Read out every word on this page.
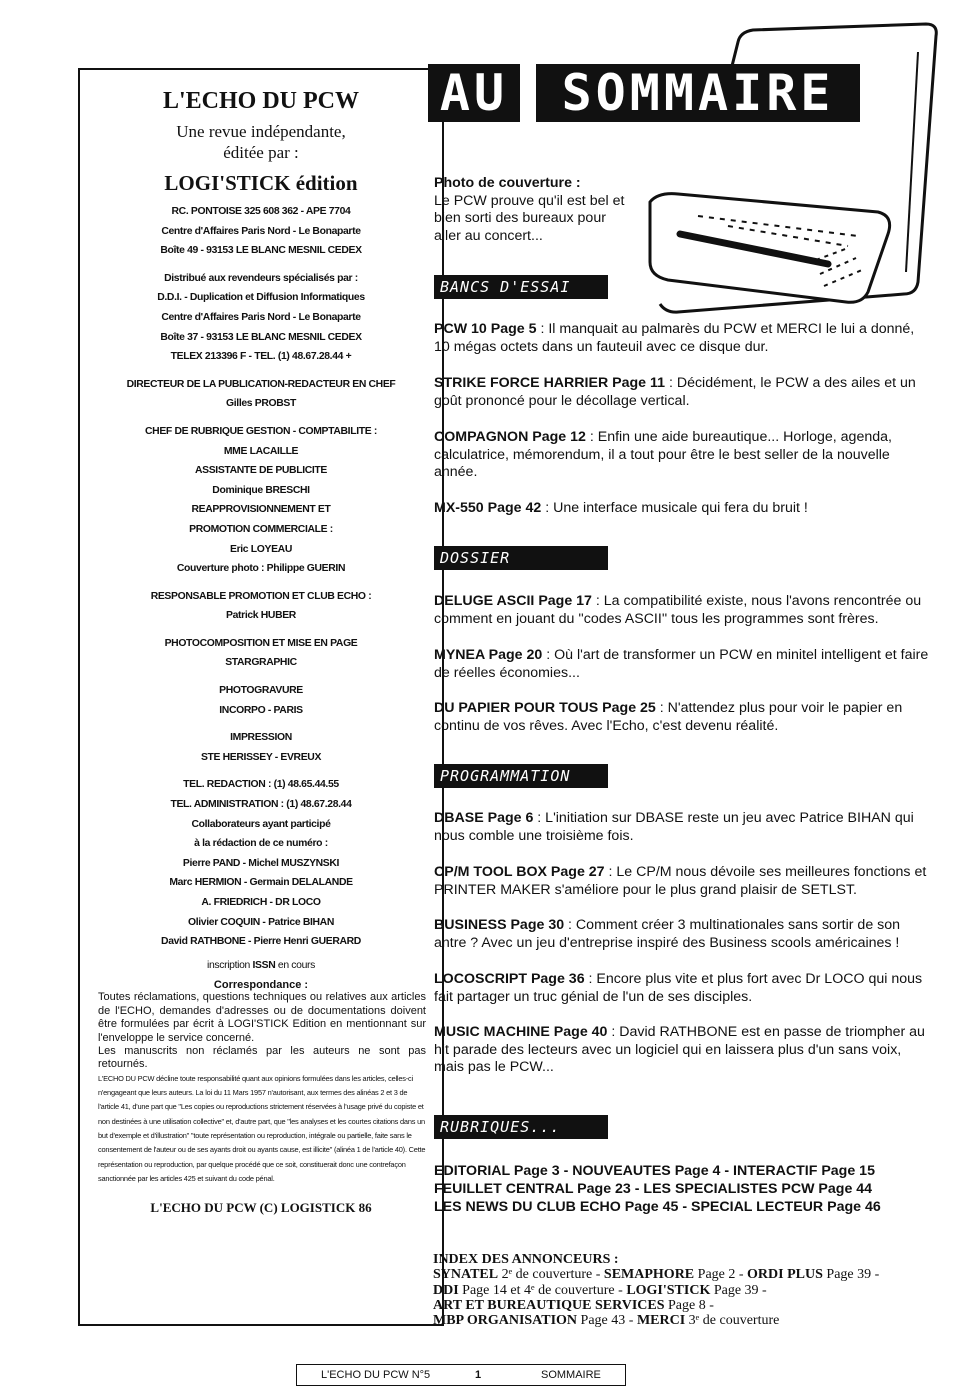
L'ECHO DU PCW
Une revue indépendante,
éditée par :
LOGI'STICK édition
RC. PONTOISE 325 608 362 - APE 7704
Centre d'Affaires Paris Nord - Le Bonaparte
Boîte 49 - 93153 LE BLANC MESNIL CEDEX
Distribué aux revendeurs spécialisés par :
D.D.I. - Duplication et Diffusion Informatiques
Centre d'Affaires Paris Nord - Le Bonaparte
Boîte 37 - 93153 LE BLANC MESNIL CEDEX
TELEX 213396 F - TEL. (1) 48.67.28.44 +
DIRECTEUR DE LA PUBLICATION-REDACTEUR EN CHEF
Gilles PROBST
CHEF DE RUBRIQUE GESTION - COMPTABILITE :
MME LACAILLE
ASSISTANTE DE PUBLICITE
Dominique BRESCHI
REAPPROVISIONNEMENT ET
PROMOTION COMMERCIALE :
Eric LOYEAU
Couverture photo : Philippe GUERIN
RESPONSABLE PROMOTION ET CLUB ECHO :
Patrick HUBER
PHOTOCOMPOSITION ET MISE EN PAGE
STARGRAPHIC
PHOTOGRAVURE
INCORPO - PARIS
IMPRESSION
STE HERISSEY - EVREUX
TEL. REDACTION : (1) 48.65.44.55
TEL. ADMINISTRATION : (1) 48.67.28.44
Collaborateurs ayant participé
à la rédaction de ce numéro :
Pierre PAND - Michel MUSZYNSKI
Marc HERMION - Germain DELALANDE
A. FRIEDRICH - DR LOCO
Olivier COQUIN - Patrice BIHAN
David RATHBONE - Pierre Henri GUERARD
inscription ISSN en cours
Correspondance :
Toutes réclamations, questions techniques ou relatives aux articles de l'ECHO, demandes d'adresses ou de documentations doivent être formulées par écrit à LOGI'STICK Edition en mentionnant sur l'enveloppe le service concerné.
Les manuscrits non réclamés par les auteurs ne sont pas retournés.
L'ECHO DU PCW décline toute responsabilité quant aux opinions formulées dans les articles, celles-ci n'engageant que leurs auteurs. La loi du 11 Mars 1957 n'autorisant, aux termes des alinéas 2 et 3 de l'article 41, d'une part que "Les copies ou reproductions strictement réservées à l'usage privé du copiste et non destinées à une utilisation collective" et, d'autre part, que "les analyses et les courtes citations dans un but d'exemple et d'illustration" "toute représentation ou reproduction, intégrale ou partielle, faite sans le consentement de l'auteur ou de ses ayants droit ou ayants cause, est illicite" (alinéa 1 de l'article 40). Cette représentation ou reproduction, par quelque procédé que ce soit, constituerait donc une contrefaçon sanctionnée par les articles 425 et suivant du code pénal.
L'ECHO DU PCW (C) LOGISTICK 86
AU	SOMMAIRE
Photo de couverture :
Le PCW prouve qu'il est bel et bien sorti des bureaux pour aller au concert...
BANCS D'ESSAI
PCW 10 Page 5 : Il manquait au palmarès du PCW et MERCI le lui a donné, 10 mégas octets dans un fauteuil avec ce disque dur.
STRIKE FORCE HARRIER Page 11 : Décidément, le PCW a des ailes et un goût prononcé pour le décollage vertical.
COMPAGNON Page 12 : Enfin une aide bureautique... Horloge, agenda, calculatrice, mémorendum, il a tout pour être le best seller de la nouvelle année.
MX-550 Page 42 : Une interface musicale qui fera du bruit !
DOSSIER
DELUGE ASCII Page 17 : La compatibilité existe, nous l'avons rencontrée ou comment en jouant du ''codes ASCII'' tous les programmes sont frères.
MYNEA Page 20 : Où l'art de transformer un PCW en minitel intelligent et faire de réelles économies...
DU PAPIER POUR TOUS Page 25 : N'attendez plus pour voir le papier en continu de vos rêves. Avec l'Echo, c'est devenu réalité.
PROGRAMMATION
DBASE Page 6 : L'initiation sur DBASE reste un jeu avec Patrice BIHAN qui nous comble une troisième fois.
CP/M TOOL BOX Page 27 : Le CP/M nous dévoile ses meilleures fonctions et PRINTER MAKER s'améliore pour le plus grand plaisir de SETLST.
BUSINESS Page 30 : Comment créer 3 multinationales sans sortir de son antre ? Avec un jeu d'entreprise inspiré des Business scools américaines !
LOCOSCRIPT Page 36 : Encore plus vite et plus fort avec Dr LOCO qui nous fait partager un truc génial de l'un de ses disciples.
MUSIC MACHINE Page 40 : David RATHBONE est en passe de triompher au hit parade des lecteurs avec un logiciel qui en laissera plus d'un sans voix, mais pas le PCW...
RUBRIQUES...
EDITORIAL Page 3 - NOUVEAUTES Page 4 - INTERACTIF Page 15
FEUILLET CENTRAL Page 23 - LES SPECIALISTES PCW Page 44
LES NEWS DU CLUB ECHO Page 45 - SPECIAL LECTEUR Page 46
INDEX DES ANNONCEURS :
SYNATEL 2ᵉ de couverture - SEMAPHORE Page 2 - ORDI PLUS Page 39 -
DDI Page 14 et 4ᵉ de couverture - LOGI'STICK Page 39 -
ART ET BUREAUTIQUE SERVICES Page 8 -
MBP ORGANISATION Page 43 - MERCI 3ᵉ de couverture
L'ECHO DU PCW N°5	1	SOMMAIRE
